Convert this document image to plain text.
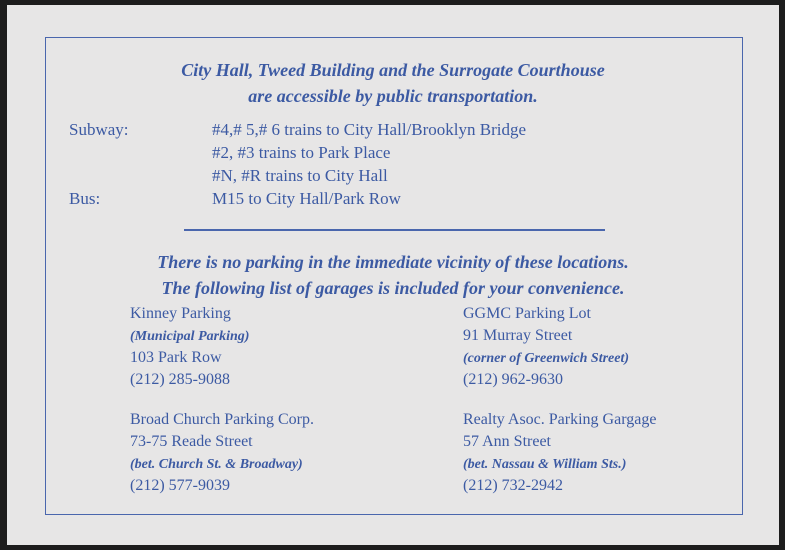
City Hall, Tweed Building and the Surrogate Courthouse
are accessible by public transportation.
Subway:	#4,# 5,# 6 trains to City Hall/Brooklyn Bridge
#2, #3 trains to Park Place
#N, #R trains to City Hall
Bus:	M15 to City Hall/Park Row
There is no parking in the immediate vicinity of these locations.
The following list of garages is included for your convenience.
Kinney Parking
(Municipal Parking)
103 Park Row
(212) 285-9088
GGMC Parking Lot
91 Murray Street
(corner of Greenwich Street)
(212) 962-9630
Broad Church Parking Corp.
73-75 Reade Street
(bet. Church St. & Broadway)
(212) 577-9039
Realty Asoc. Parking Gargage
57 Ann Street
(bet. Nassau & William Sts.)
(212) 732-2942
